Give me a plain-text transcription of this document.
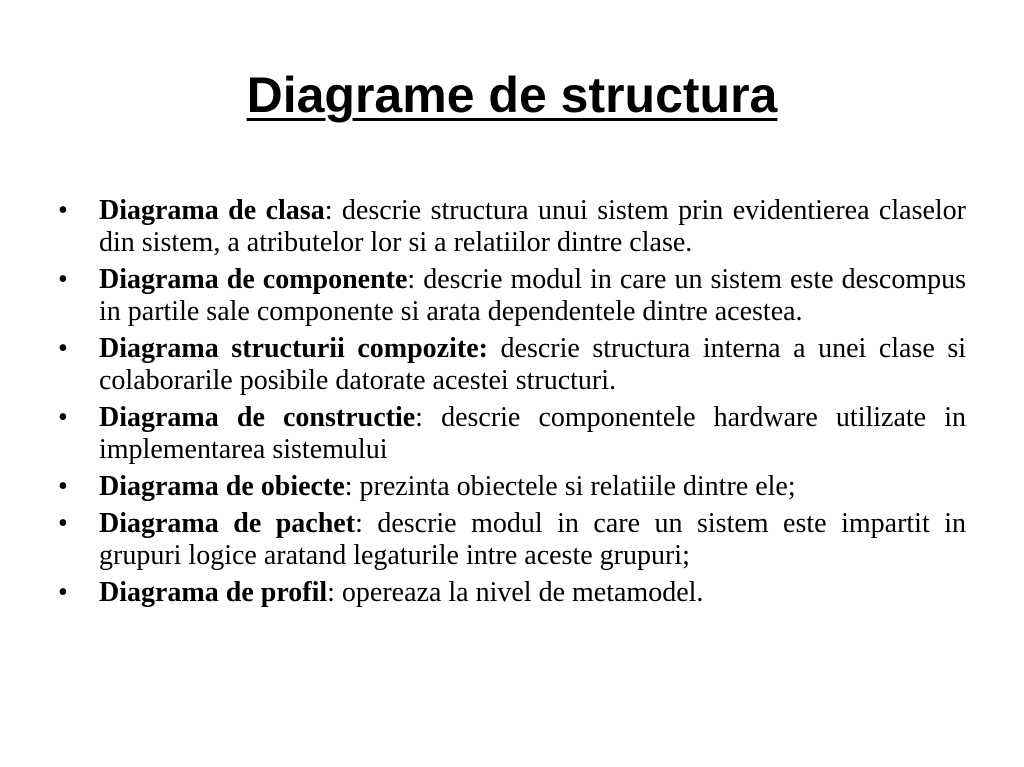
Diagrame de structura
•	Diagrama de clasa: descrie structura unui sistem prin evidentierea claselor din sistem, a atributelor lor si a relatiilor dintre clase.
•	Diagrama de componente: descrie modul in care un sistem este descompus in partile sale componente si arata dependentele dintre acestea.
•	Diagrama structurii compozite: descrie structura interna a unei clase si colaborarile posibile datorate acestei structuri.
•	Diagrama de constructie: descrie componentele hardware utilizate in implementarea sistemului
•	Diagrama de obiecte: prezinta obiectele si relatiile dintre ele;
•	Diagrama de pachet: descrie modul in care un sistem este impartit in grupuri logice aratand legaturile intre aceste grupuri;
•	Diagrama de profil: opereaza la nivel de metamodel.
